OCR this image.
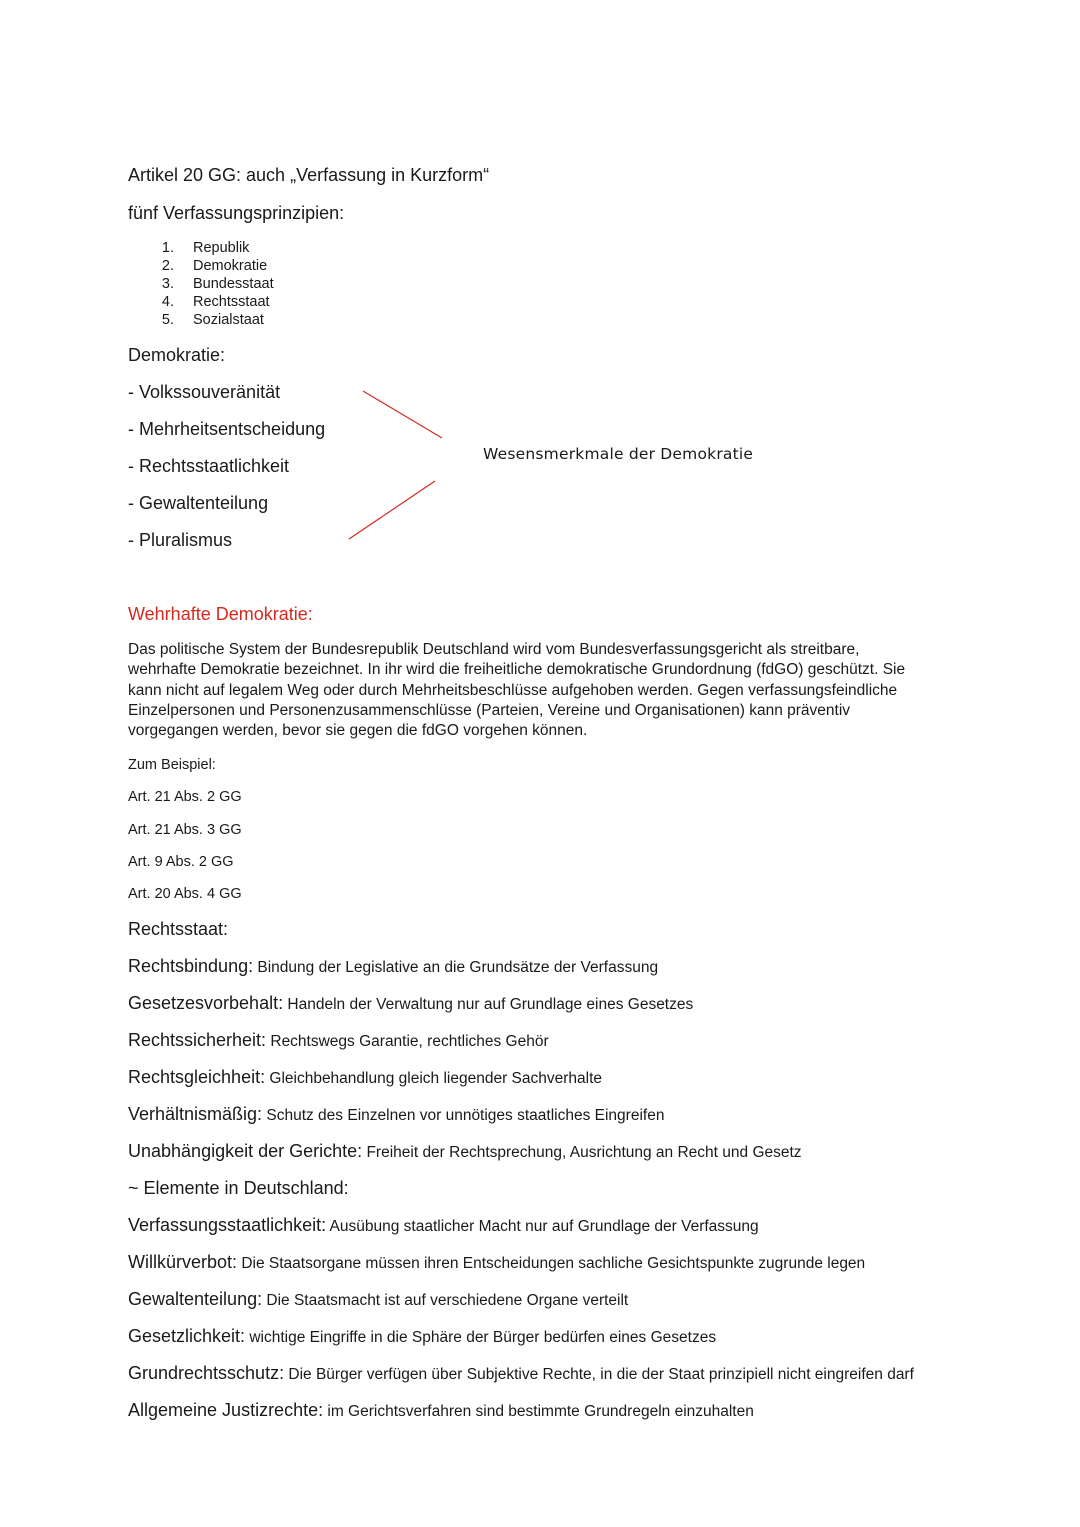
Artikel 20 GG: auch „Verfassung in Kurzform“
fünf Verfassungsprinzipien:
1. Republik
2. Demokratie
3. Bundesstaat
4. Rechtsstaat
5. Sozialstaat
Demokratie:
- Volkssouveränität
- Mehrheitsentscheidung
- Rechtsstaatlichkeit
- Gewaltenteilung
- Pluralismus
Wesensmerkmale der Demokratie
Wehrhafte Demokratie:

Das politische System der Bundesrepublik Deutschland wird vom Bundesverfassungsgericht als streitbare,
wehrhafte Demokratie bezeichnet. In ihr wird die freiheitliche demokratische Grundordnung (fdGO) geschützt. Sie
kann nicht auf legalem Weg oder durch Mehrheitsbeschlüsse aufgehoben werden. Gegen verfassungsfeindliche
Einzelpersonen und Personenzusammenschlüsse (Parteien, Vereine und Organisationen) kann präventiv
vorgegangen werden, bevor sie gegen die fdGO vorgehen können.

Zum Beispiel:
Art. 21 Abs. 2 GG
Art. 21 Abs. 3 GG
Art. 9 Abs. 2 GG
Art. 20 Abs. 4 GG
Rechtsstaat:
Rechtsbindung: Bindung der Legislative an die Grundsätze der Verfassung
Gesetzesvorbehalt: Handeln der Verwaltung nur auf Grundlage eines Gesetzes
Rechtssicherheit: Rechtswegs Garantie, rechtliches Gehör
Rechtsgleichheit: Gleichbehandlung gleich liegender Sachverhalte
Verhältnismäßig: Schutz des Einzelnen vor unnötiges staatliches Eingreifen
Unabhängigkeit der Gerichte: Freiheit der Rechtsprechung, Ausrichtung an Recht und Gesetz
~ Elemente in Deutschland:
Verfassungsstaatlichkeit: Ausübung staatlicher Macht nur auf Grundlage der Verfassung
Willkürverbot: Die Staatsorgane müssen ihren Entscheidungen sachliche Gesichtspunkte zugrunde legen
Gewaltenteilung: Die Staatsmacht ist auf verschiedene Organe verteilt
Gesetzlichkeit: wichtige Eingriffe in die Sphäre der Bürger bedürfen eines Gesetzes
Grundrechtsschutz: Die Bürger verfügen über Subjektive Rechte, in die der Staat prinzipiell nicht eingreifen darf
Allgemeine Justizrechte: im Gerichtsverfahren sind bestimmte Grundregeln einzuhalten
